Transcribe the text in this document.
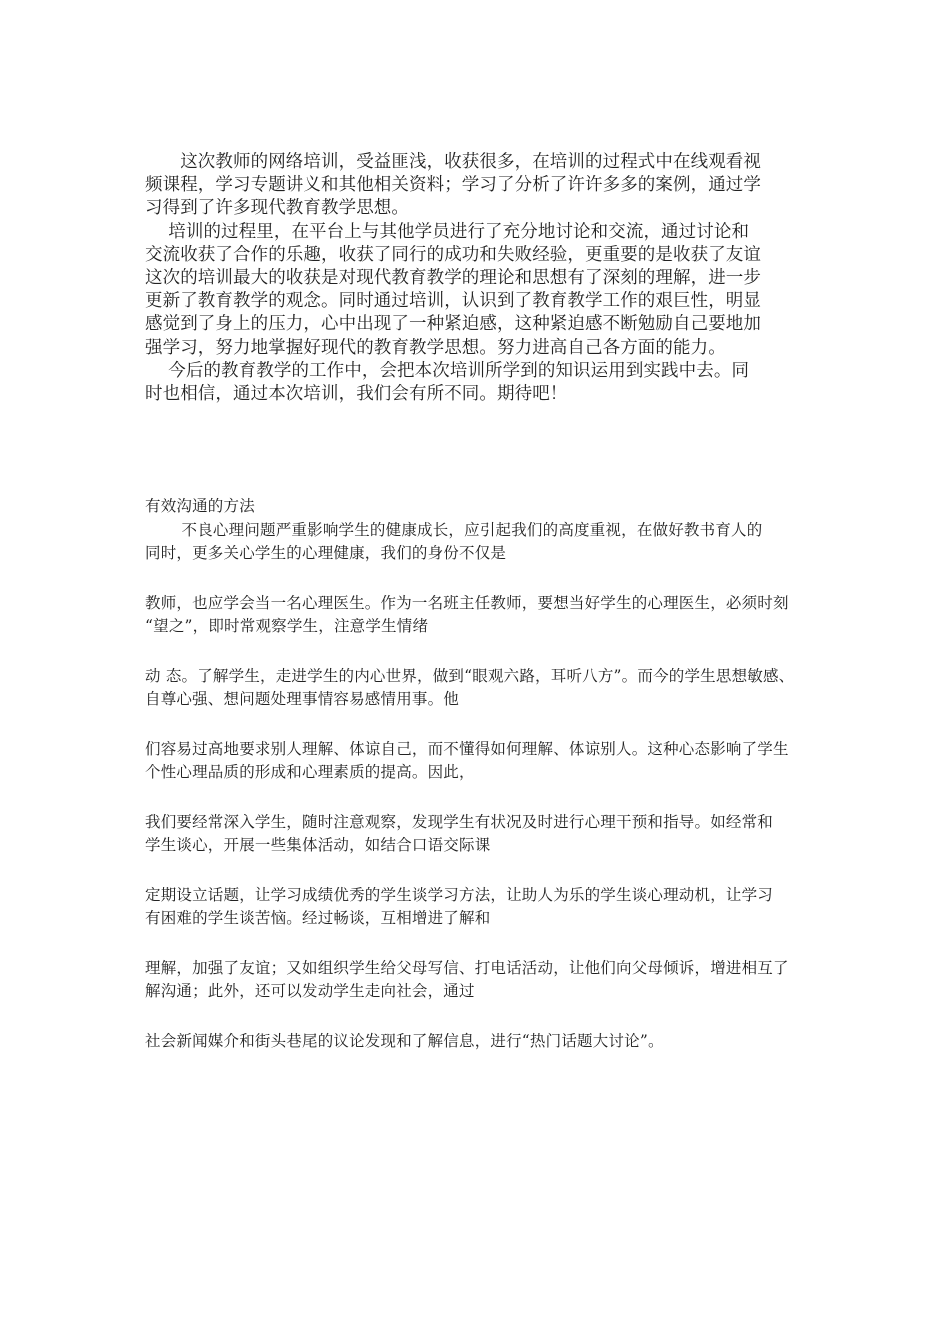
　　这次教师的网络培训，受益匪浅，收获很多，在培训的过程式中在线观看视
频课程，学习专题讲义和其他相关资料；学习了分析了许许多多的案例，通过学
习得到了许多现代教育教学思想。
　 培训的过程里，在平台上与其他学员进行了充分地讨论和交流，通过讨论和
交流收获了合作的乐趣，收获了同行的成功和失败经验，更重要的是收获了友谊
这次的培训最大的收获是对现代教育教学的理论和思想有了深刻的理解，进一步
更新了教育教学的观念。同时通过培训，认识到了教育教学工作的艰巨性，明显
感觉到了身上的压力，心中出现了一种紧迫感，这种紧迫感不断勉励自己要地加
强学习，努力地掌握好现代的教育教学思想。努力进高自己各方面的能力。
　 今后的教育教学的工作中，会把本次培训所学到的知识运用到实践中去。同
时也相信，通过本次培训，我们会有所不同。期待吧！
有效沟通的方法
　　 不良心理问题严重影响学生的健康成长，应引起我们的高度重视，在做好教书育人的
同时，更多关心学生的心理健康，我们的身份不仅是
教师，也应学会当一名心理医生。作为一名班主任教师，要想当好学生的心理医生，必须时刻
“望之”，即时常观察学生，注意学生情绪
动 态。了解学生，走进学生的内心世界，做到“眼观六路，耳听八方”。而今的学生思想敏感、
自尊心强、想问题处理事情容易感情用事。他
们容易过高地要求别人理解、体谅自己，而不懂得如何理解、体谅别人。这种心态影响了学生
个性心理品质的形成和心理素质的提高。因此，
我们要经常深入学生，随时注意观察，发现学生有状况及时进行心理干预和指导。如经常和
学生谈心，开展一些集体活动，如结合口语交际课
定期设立话题，让学习成绩优秀的学生谈学习方法，让助人为乐的学生谈心理动机，让学习
有困难的学生谈苦恼。经过畅谈，互相增进了解和
理解，加强了友谊；又如组织学生给父母写信、打电话活动，让他们向父母倾诉，增进相互了
解沟通；此外，还可以发动学生走向社会，通过
社会新闻媒介和街头巷尾的议论发现和了解信息，进行“热门话题大讨论”。
